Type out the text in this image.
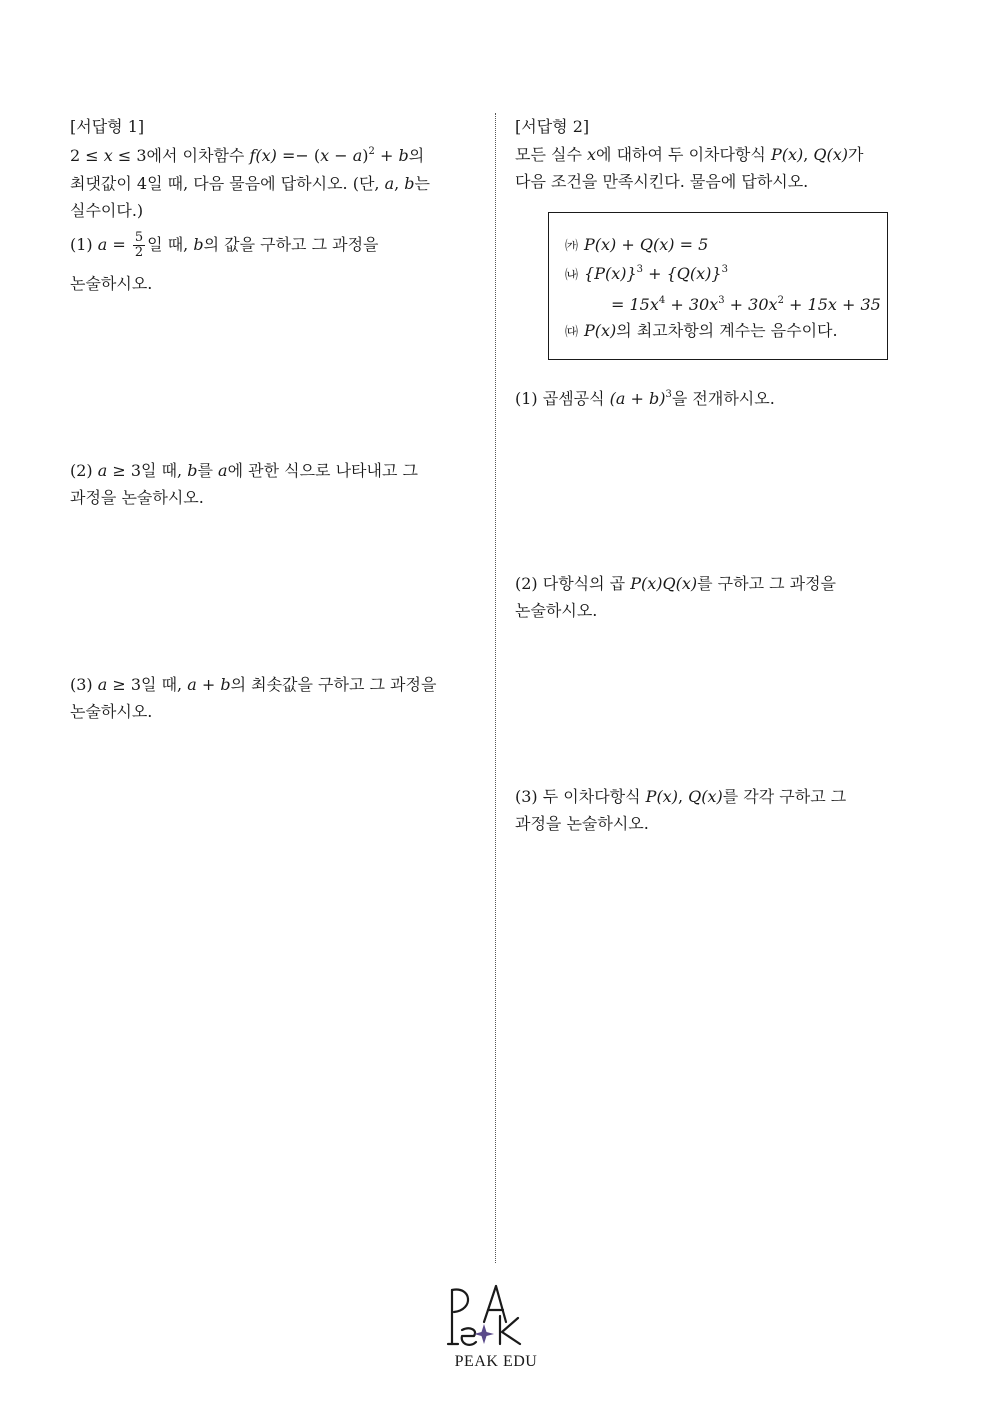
[서답형 1]
2 ≤ x ≤ 3에서 이차함수 $f(x) =- (x - a)^2 + b$의
최댓값이 4일 때, 다음 물음에 답하시오. (단, a, b는
실수이다.)
(1) $a = \frac{5}{2}$ 일 때, b의 값을 구하고 그 과정을
논술하시오.
(2) a ≥ 3일 때, b를 a에 관한 식으로 나타내고 그
과정을 논술하시오.
(3) a ≥ 3일 때, a + b의 최솟값을 구하고 그 과정을
논술하시오.
[서답형 2]
모든 실수 x에 대하여 두 이차다항식 P(x), Q(x)가
다음 조건을 만족시킨다. 물음에 답하시오.
㈎ P(x) + Q(x) = 5
㈏ $\{P(x)\}^3 + \{Q(x)\}^3$
= $15x^4 + 30x^3 + 30x^2 + 15x + 35$
㈐ P(x)의 최고차항의 계수는 음수이다.
(1) 곱셈공식 $(a + b)^3$을 전개하시오.
(2) 다항식의 곱 P(x)Q(x)를 구하고 그 과정을
논술하시오.
(3) 두 이차다항식 P(x), Q(x)를 각각 구하고 그
과정을 논술하시오.
PEAK EDU
